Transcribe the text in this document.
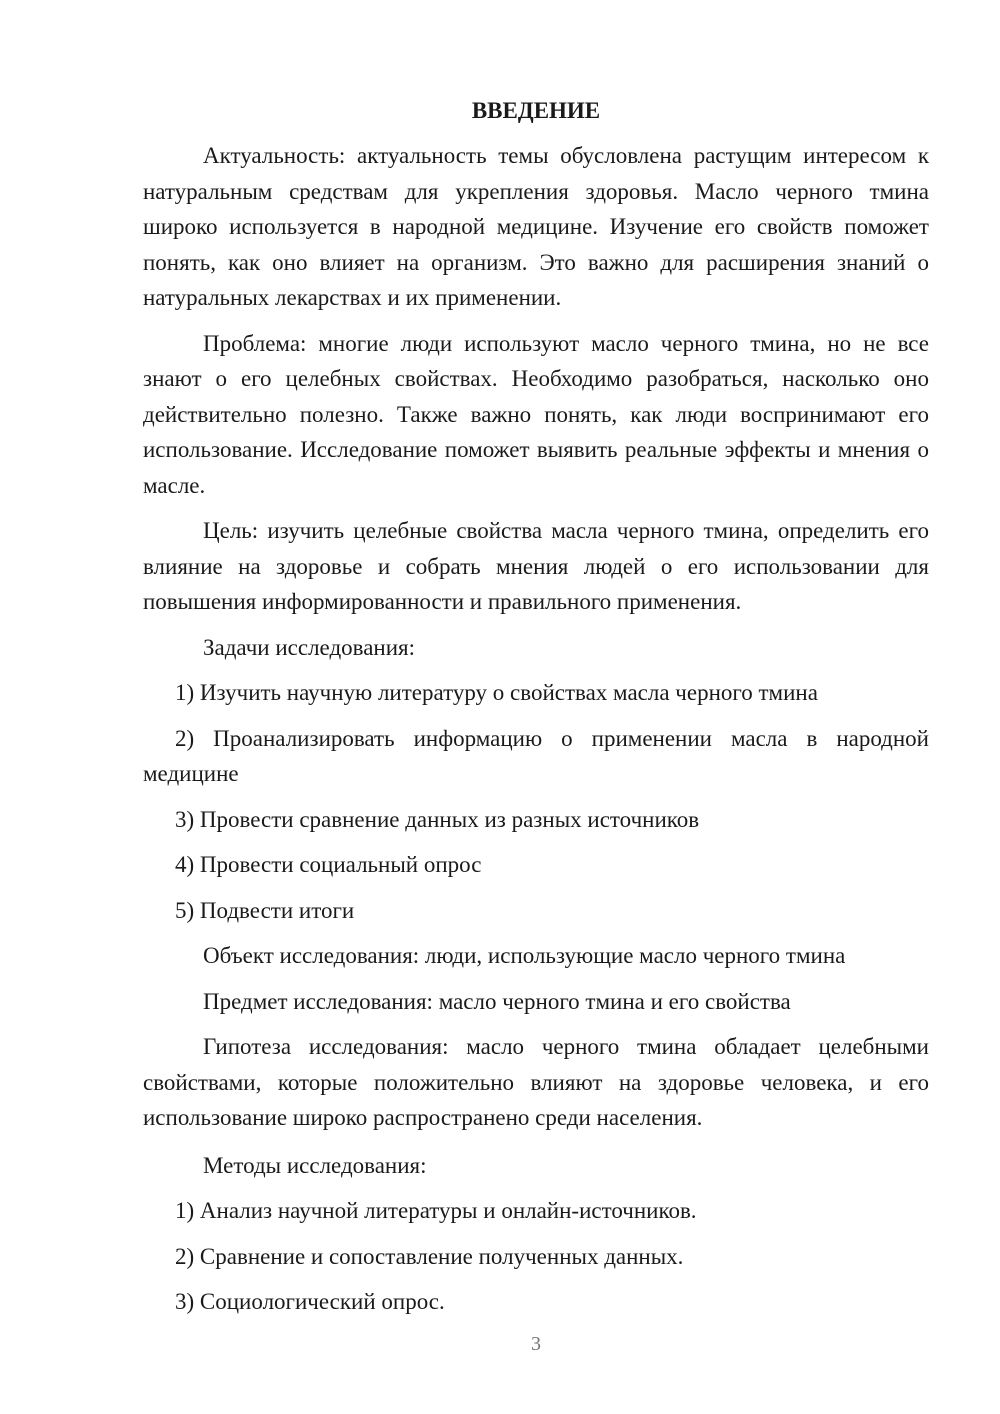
ВВЕДЕНИЕ

Актуальность: актуальность темы обусловлена растущим интересом к натуральным средствам для укрепления здоровья. Масло черного тмина широко используется в народной медицине. Изучение его свойств поможет понять, как оно влияет на организм. Это важно для расширения знаний о натуральных лекарствах и их применении.

Проблема: многие люди используют масло черного тмина, но не все знают о его целебных свойствах. Необходимо разобраться, насколько оно действительно полезно. Также важно понять, как люди воспринимают его использование. Исследование поможет выявить реальные эффекты и мнения о масле.

Цель: изучить целебные свойства масла черного тмина, определить его влияние на здоровье и собрать мнения людей о его использовании для повышения информированности и правильного применения.

Задачи исследования:

1) Изучить научную литературу о свойствах масла черного тмина

2) Проанализировать информацию о применении масла в народной медицине

3) Провести сравнение данных из разных источников

4) Провести социальный опрос

5) Подвести итоги

Объект исследования: люди, использующие масло черного тмина

Предмет исследования: масло черного тмина и его свойства

Гипотеза исследования: масло черного тмина обладает целебными свойствами, которые положительно влияют на здоровье человека, и его использование широко распространено среди населения.

Методы исследования:

1) Анализ научной литературы и онлайн-источников.

2) Сравнение и сопоставление полученных данных.

3) Социологический опрос.

3
